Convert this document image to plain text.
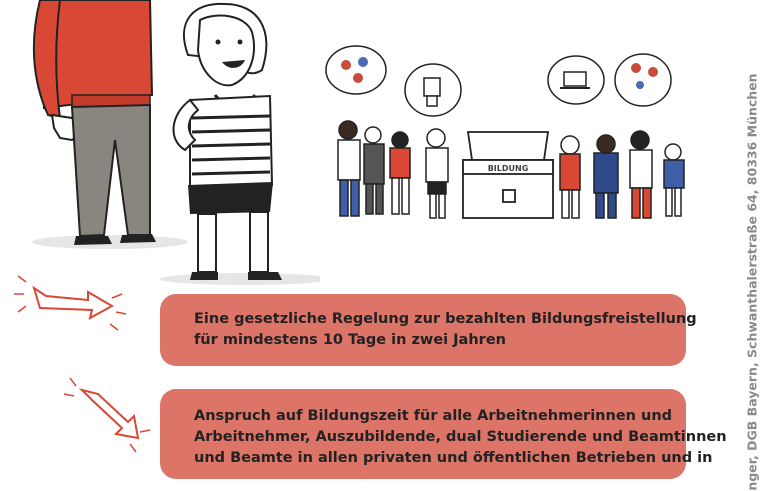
BILDUNG
Eine gesetzliche Regelung zur bezahlten Bildungsfreistellung
für mindestens 10 Tage in zwei Jahren
Anspruch auf Bildungszeit für alle Arbeitnehmerinnen und
Arbeitnehmer, Auszubildende, dual Studierende und Beamtinnen
und Beamte in allen privaten und öffentlichen Betrieben und in	nger, DGB Bayern, Schwanthalerstraße 64, 80336 München
